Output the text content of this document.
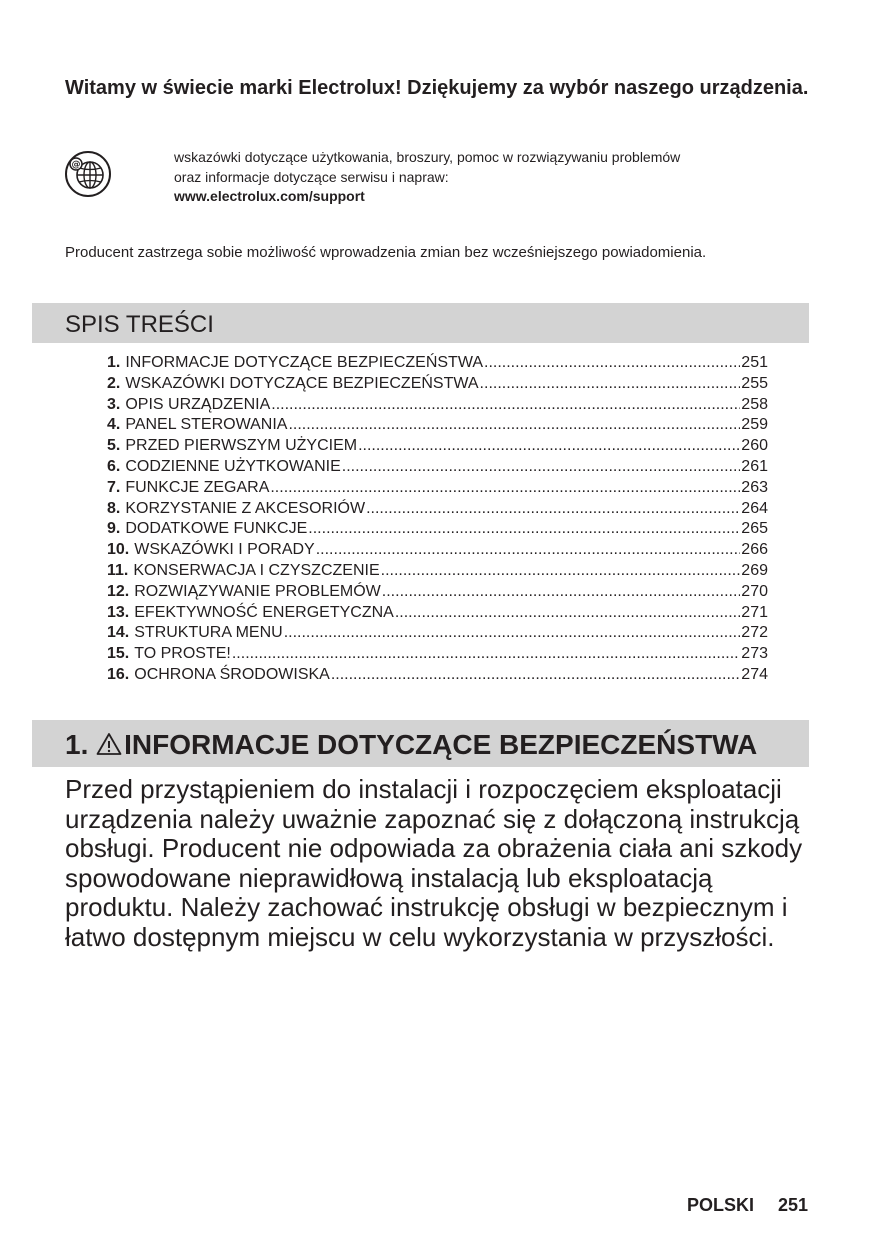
Witamy w świecie marki Electrolux! Dziękujemy za wybór naszego urządzenia.
@	wskazówki dotyczące użytkowania, broszury, pomoc w rozwiązywaniu problemów
oraz informacje dotyczące serwisu i napraw:
www.electrolux.com/support

Producent zastrzega sobie możliwość wprowadzenia zmian bez wcześniejszego powiadomienia.

SPIS TREŚCI
1. INFORMACJE DOTYCZĄCE BEZPIECZEŃSTWA .....	251
2. WSKAZÓWKI DOTYCZĄCE BEZPIECZEŃSTWA .....	255
3. OPIS URZĄDZENIA .....	258
4. PANEL STEROWANIA .....	259
5. PRZED PIERWSZYM UŻYCIEM .....	260
6. CODZIENNE UŻYTKOWANIE .....	261
7. FUNKCJE ZEGARA .....	263
8. KORZYSTANIE Z AKCESORIÓW .....	264
9. DODATKOWE FUNKCJE .....	265
10. WSKAZÓWKI I PORADY .....	266
11. KONSERWACJA I CZYSZCZENIE .....	269
12. ROZWIĄZYWANIE PROBLEMÓW .....	270
13. EFEKTYWNOŚĆ ENERGETYCZNA .....	271
14. STRUKTURA MENU .....	272
15. TO PROSTE! .....	273
16. OCHRONA ŚRODOWISKA .....	274
1. INFORMACJE DOTYCZĄCE BEZPIECZEŃSTWA

Przed przystąpieniem do instalacji i rozpoczęciem eksploatacji urządzenia należy uważnie zapoznać się z dołączoną instrukcją obsługi. Producent nie odpowiada za obrażenia ciała ani szkody spowodowane nieprawidłową instalacją lub eksploatacją produktu. Należy zachować instrukcję obsługi w bezpiecznym i łatwo dostępnym miejscu w celu wykorzystania w przyszłości.

POLSKI 251
